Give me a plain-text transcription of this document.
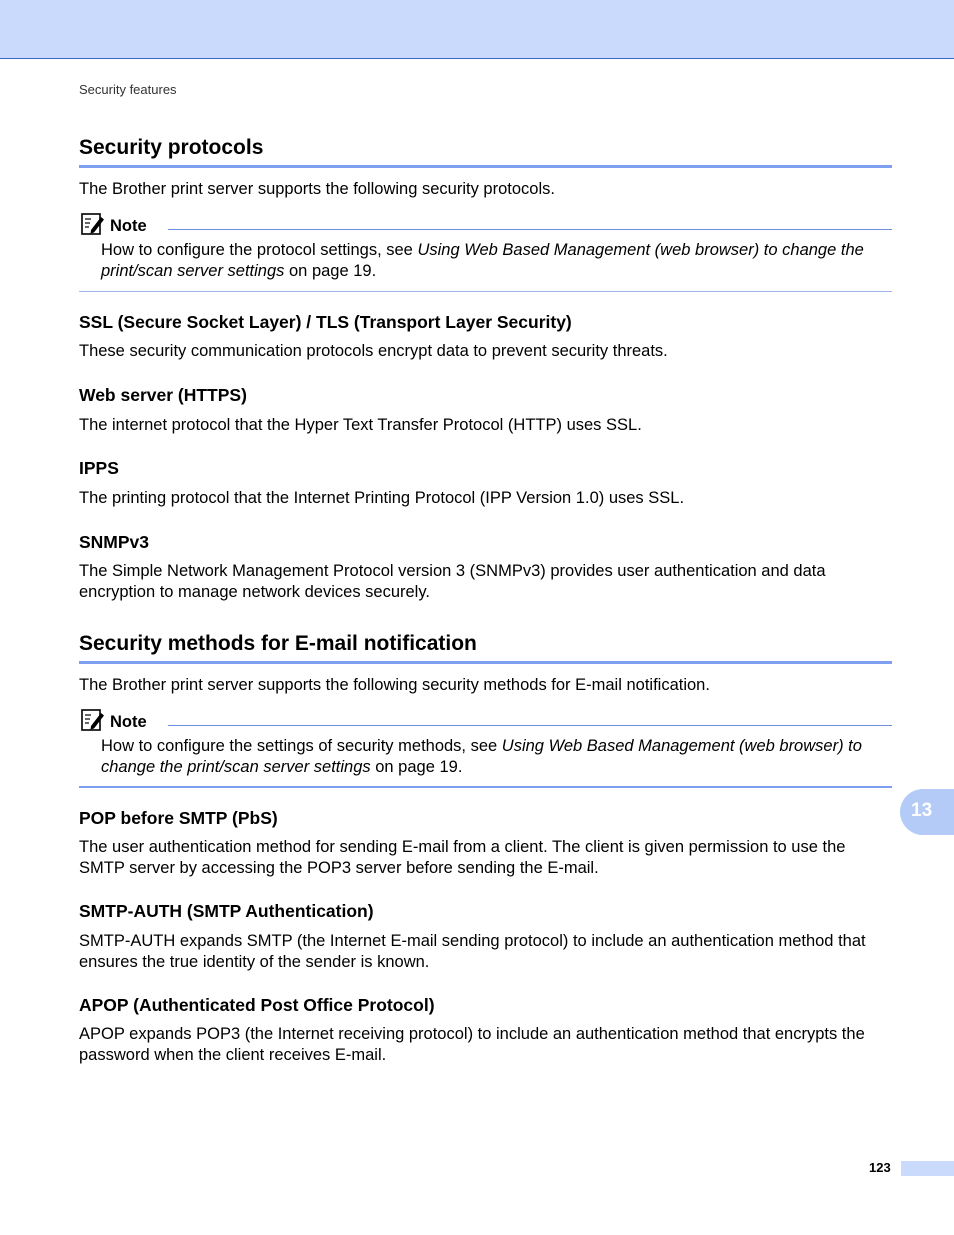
Security features
Security protocols
The Brother print server supports the following security protocols.
Note
How to configure the protocol settings, see Using Web Based Management (web browser) to change the print/scan server settings on page 19.
SSL (Secure Socket Layer) / TLS (Transport Layer Security)
These security communication protocols encrypt data to prevent security threats.
Web server (HTTPS)
The internet protocol that the Hyper Text Transfer Protocol (HTTP) uses SSL.
IPPS
The printing protocol that the Internet Printing Protocol (IPP Version 1.0) uses SSL.
SNMPv3
The Simple Network Management Protocol version 3 (SNMPv3) provides user authentication and data encryption to manage network devices securely.
Security methods for E-mail notification
The Brother print server supports the following security methods for E-mail notification.
Note
How to configure the settings of security methods, see Using Web Based Management (web browser) to change the print/scan server settings on page 19.
POP before SMTP (PbS)
The user authentication method for sending E-mail from a client. The client is given permission to use the SMTP server by accessing the POP3 server before sending the E-mail.
SMTP-AUTH (SMTP Authentication)
SMTP-AUTH expands SMTP (the Internet E-mail sending protocol) to include an authentication method that ensures the true identity of the sender is known.
APOP (Authenticated Post Office Protocol)
APOP expands POP3 (the Internet receiving protocol) to include an authentication method that encrypts the password when the client receives E-mail.
13
123
